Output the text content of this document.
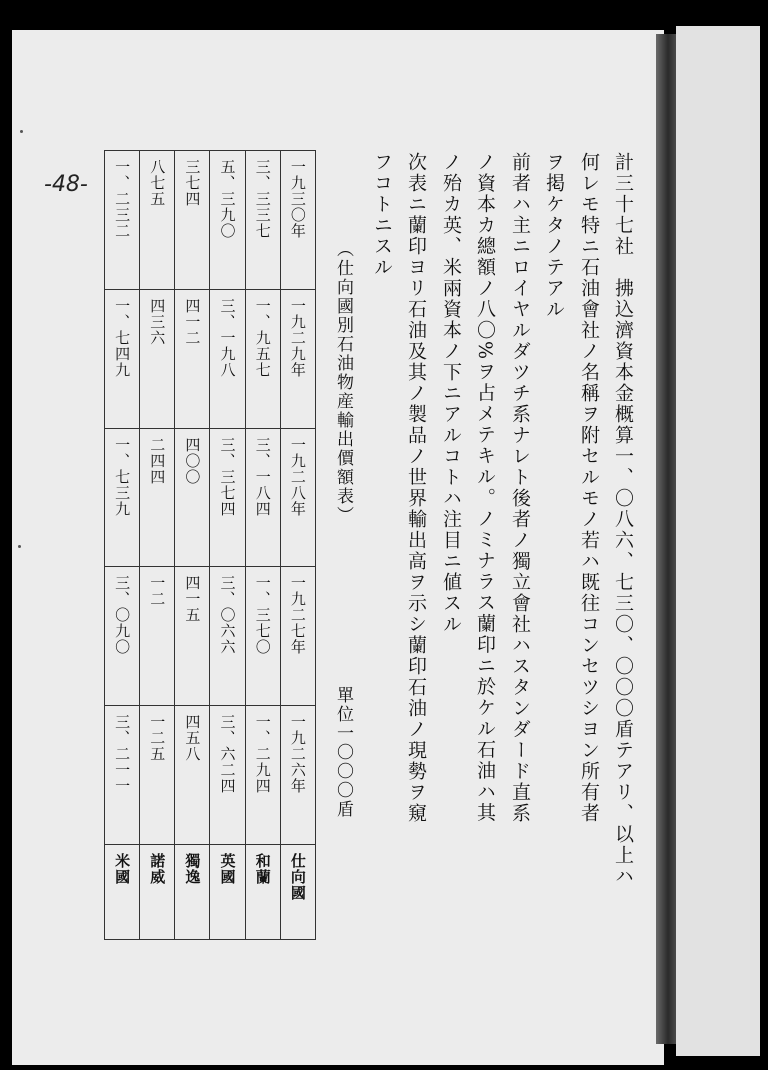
-48-	計三十七社　拂込濟資本金概算一、〇八六、七三〇、〇〇〇盾テアリ、以上ハ
何レモ特ニ石油會社ノ名稱ヲ附セルモノ若ハ既往コンセツシヨン所有者
ヲ掲ケタノテアル
前者ハ主ニロイヤルダツチ系ナレト後者ノ獨立會社ハスタンダード直系
ノ資本カ總額ノ八〇%ヲ占メテキル。ノミナラス蘭印ニ於ケル石油ハ其
ノ殆カ英、米兩資本ノ下ニアルコトハ注目ニ値スル
次表ニ蘭印ヨリ石油及其ノ製品ノ世界輸出高ヲ示シ蘭印石油ノ現勢ヲ窺
フコトニスル
（仕向國別石油物産輸出價額表）
單位一〇〇〇盾
一、二三二	八七五	三七四	五、三九〇	三、三三七	一九三〇年
一、七四九	四三六	四一二	三、一九八	一、九五七	一九二九年
一、七三九	二四四	四〇〇	三、三七四	三、一八四	一九二八年
三、〇九〇	一二	四一五	三、〇六六	一、三七〇	一九二七年
三、二一一	一二五	四五八	三、六二四	一、二九四	一九二六年
米國	諾威	獨逸	英國	和蘭	仕向國
